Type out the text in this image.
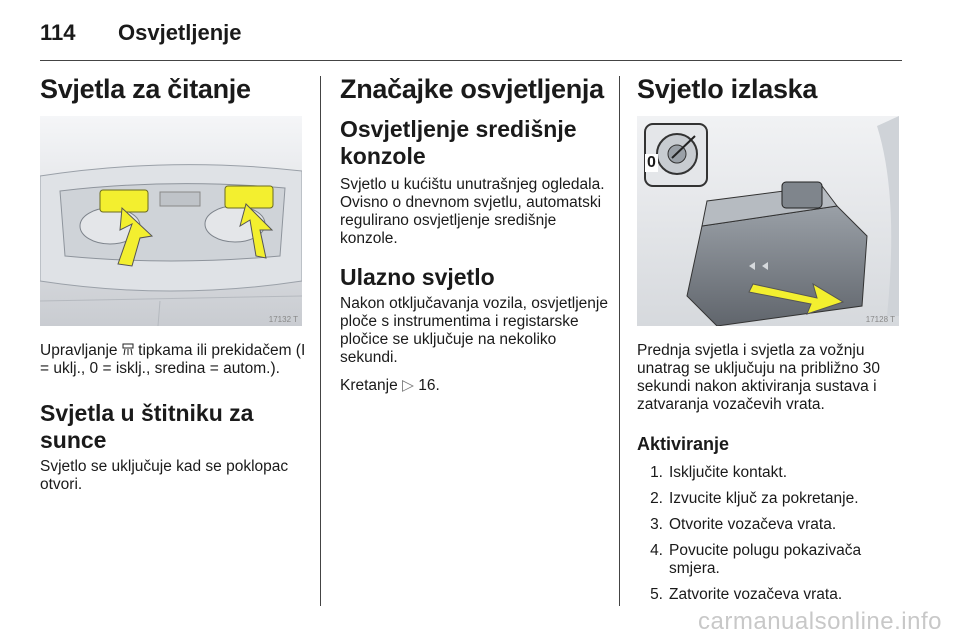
114 Osvjetljenje
Svjetla za čitanje
17132 T

Upravljanje  tipkama ili prekidačem (I = uklj., 0 = isklj., sredina = autom.).

Svjetla u štitniku za sunce

Svjetlo se uključuje kad se poklopac otvori.

Značajke osvjetljenja
Osvjetljenje središnje konzole

Svjetlo u kućištu unutrašnjeg ogledala. Ovisno o dnevnom svjetlu, automatski regulirano osvjetljenje središnje konzole.

Ulazno svjetlo

Nakon otključavanja vozila, osvjetljenje ploče s instrumentima i registarske pločice se uključuje na nekoliko sekundi.

Kretanje ▷ 16.

Svjetlo izlaska
0
17128 T

Prednja svjetla i svjetla za vožnju unatrag se uključuju na približno 30 sekundi nakon aktiviranja sustava i zatvaranja vozačevih vrata.

Aktiviranje
1. Isključite kontakt.
2. Izvucite ključ za pokretanje.
3. Otvorite vozačeva vrata.
4. Povucite polugu pokazivača smjera.
5. Zatvorite vozačeva vrata.
carmanualsonline.info
